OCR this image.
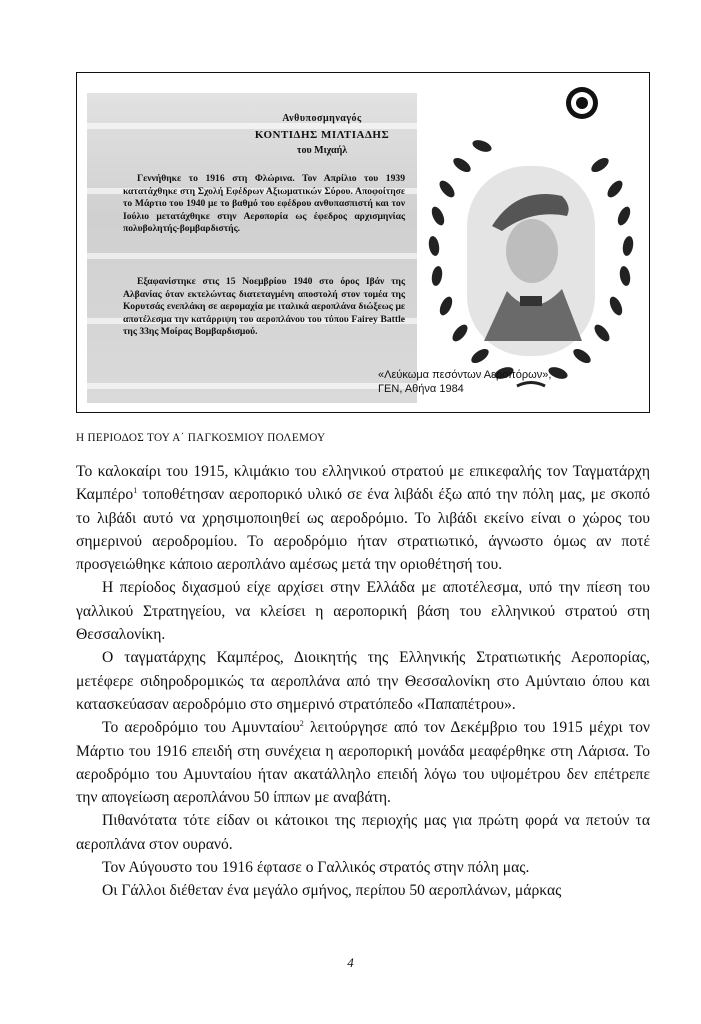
Ανθυποσμηναγός
ΚΟΝΤΙΔΗΣ ΜΙΛΤΙΑΔΗΣ
του Μιχαήλ

Γεννήθηκε το 1916 στη Φλώρινα. Τον Απρίλιο του 1939 κατατάχθηκε στη Σχολή Εφέδρων Αξιωματικών Σύρου. Αποφοίτησε το Μάρτιο του 1940 με το βαθμό του εφέδρου ανθυπασπιστή και τον Ιούλιο μετατάχθηκε στην Αεροπορία ως έφεδρος αρχισμηνίας πολυβολητής-βομβαρδιστής.

Εξαφανίστηκε στις 15 Νοεμβρίου 1940 στο όρος Ιβάν της Αλβανίας όταν εκτελώντας διατεταγμένη αποστολή στον τομέα της Κορυτσάς ενεπλάκη σε αερομαχία με ιταλικά αεροπλάνα διώξεως με αποτέλεσμα την κατάρριψη του αεροπλάνου του τύπου Fairey Battle της 33ης Μοίρας Βομβαρδισμού.

«Λεύκωμα πεσόντων Αεροπόρων»,
ΓΕΝ, Αθήνα 1984
Η ΠΕΡΙΟΔΟΣ ΤΟΥ Α΄ ΠΑΓΚΟΣΜΙΟΥ ΠΟΛΕΜΟΥ

Το καλοκαίρι του 1915, κλιμάκιο του ελληνικού στρατού με επικεφαλής τον Ταγματάρχη Καμπέρο$^1$ τοποθέτησαν αεροπορικό υλικό σε ένα λιβάδι έξω από την πόλη μας, με σκοπό το λιβάδι αυτό να χρησιμοποιηθεί ως αεροδρόμιο. Το λιβάδι εκείνο είναι ο χώρος του σημερινού αεροδρομίου. Το αεροδρόμιο ήταν στρατιωτικό, άγνωστο όμως αν ποτέ προσγειώθηκε κάποιο αεροπλάνο αμέσως μετά την οριοθέτησή του.

Η περίοδος διχασμού είχε αρχίσει στην Ελλάδα με αποτέλεσμα, υπό την πίεση του γαλλικού Στρατηγείου, να κλείσει η αεροπορική βάση του ελληνικού στρατού στη Θεσσαλονίκη.

Ο ταγματάρχης Καμπέρος, Διοικητής της Ελληνικής Στρατιωτικής Αεροπορίας, μετέφερε σιδηροδρομικώς τα αεροπλάνα από την Θεσσαλονίκη στο Αμύνταιο όπου και κατασκεύασαν αεροδρόμιο στο σημερινό στρατόπεδο «Παπαπέτρου».

Το αεροδρόμιο του Αμυνταίου$^2$ λειτούργησε από τον Δεκέμβριο του 1915 μέχρι τον Μάρτιο του 1916 επειδή στη συνέχεια η αεροπορική μονάδα μεαφέρθηκε στη Λάρισα. Το αεροδρόμιο του Αμυνταίου ήταν ακατάλληλο επειδή λόγω του υψομέτρου δεν επέτρεπε την απογείωση αεροπλάνου 50 ίππων με αναβάτη.

Πιθανότατα τότε είδαν οι κάτοικοι της περιοχής μας για πρώτη φορά να πετούν τα αεροπλάνα στον ουρανό.

Τον Αύγουστο του 1916 έφτασε ο Γαλλικός στρατός στην πόλη μας.

Οι Γάλλοι διέθεταν ένα μεγάλο σμήνος, περίπου 50 αεροπλάνων, μάρκας

4
